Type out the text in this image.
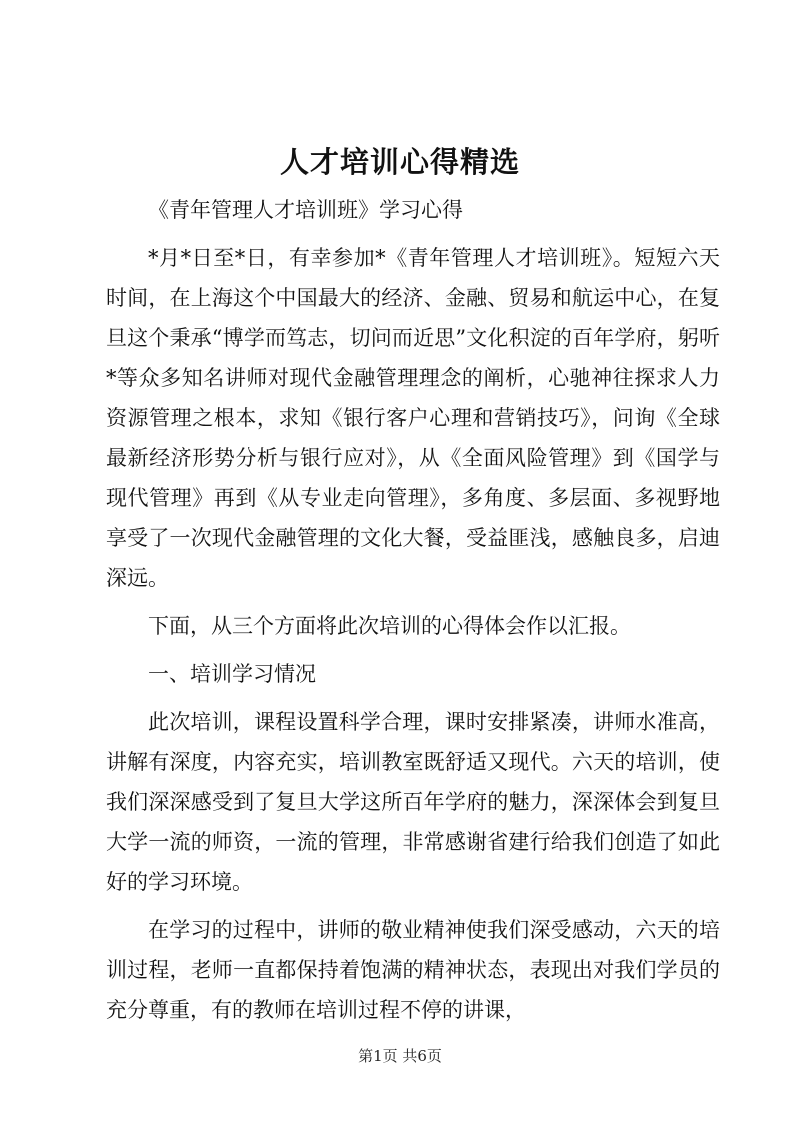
人才培训心得精选

《青年管理人才培训班》学习心得

*月*日至*日，有幸参加*《青年管理人才培训班》。短短六天时间，在上海这个中国最大的经济、金融、贸易和航运中心，在复旦这个秉承“博学而笃志，切问而近思”文化积淀的百年学府，躬听*等众多知名讲师对现代金融管理理念的阐析，心驰神往探求人力资源管理之根本，求知《银行客户心理和营销技巧》，问询《全球最新经济形势分析与银行应对》，从《全面风险管理》到《国学与现代管理》再到《从专业走向管理》，多角度、多层面、多视野地享受了一次现代金融管理的文化大餐，受益匪浅，感触良多，启迪深远。

下面，从三个方面将此次培训的心得体会作以汇报。

一、培训学习情况

此次培训，课程设置科学合理，课时安排紧凑，讲师水准高，讲解有深度，内容充实，培训教室既舒适又现代。六天的培训，使我们深深感受到了复旦大学这所百年学府的魅力，深深体会到复旦大学一流的师资，一流的管理，非常感谢省建行给我们创造了如此好的学习环境。

在学习的过程中，讲师的敬业精神使我们深受感动，六天的培训过程，老师一直都保持着饱满的精神状态，表现出对我们学员的充分尊重，有的教师在培训过程不停的讲课，

第1页 共6页
